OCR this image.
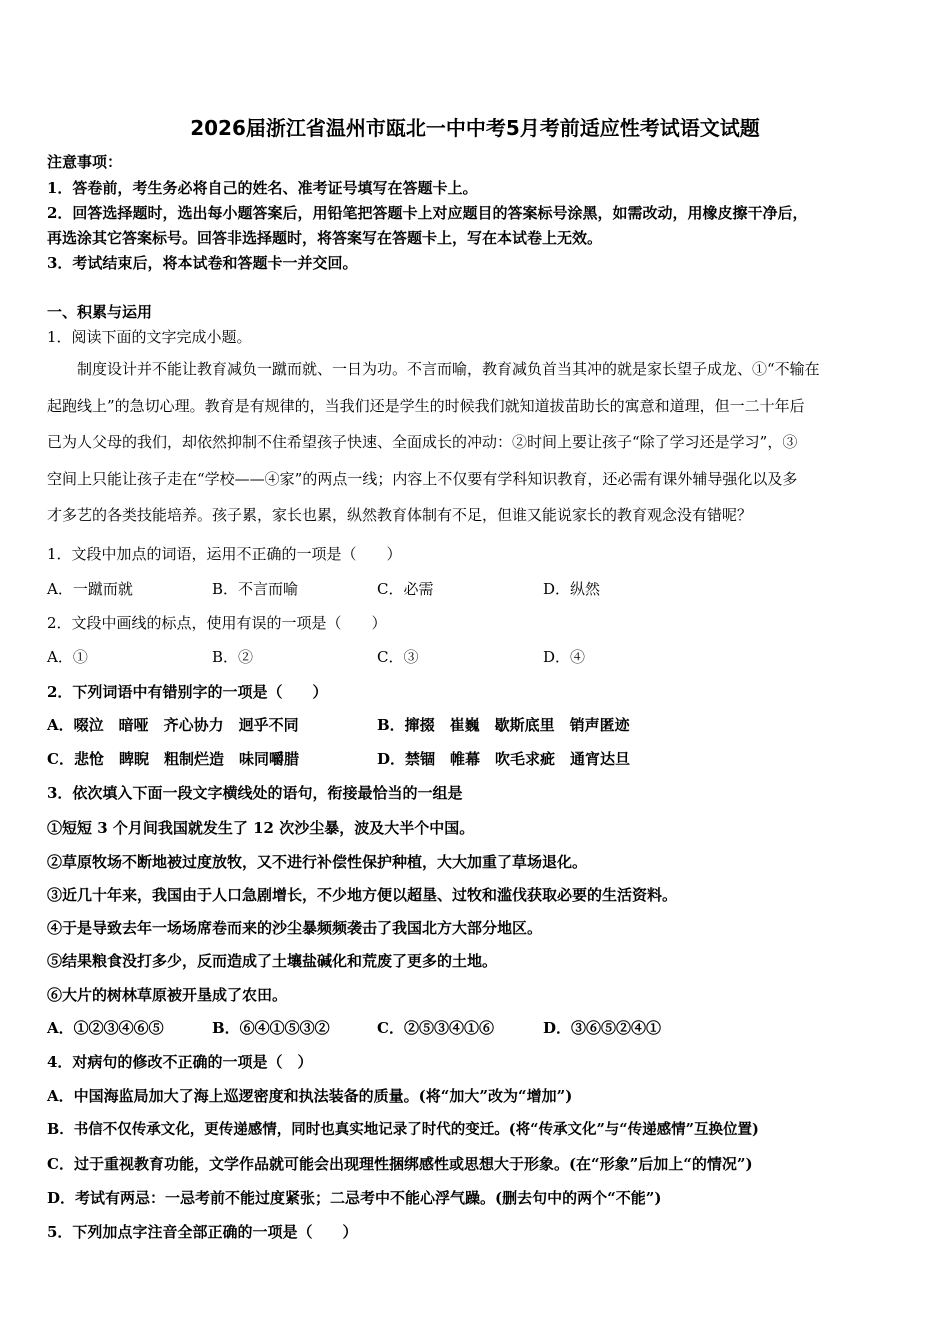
2026届浙江省温州市瓯北一中中考5月考前适应性考试语文试题
注意事项：
1．答卷前，考生务必将自己的姓名、准考证号填写在答题卡上。
2．回答选择题时，选出每小题答案后，用铅笔把答题卡上对应题目的答案标号涂黑，如需改动，用橡皮擦干净后，
再选涂其它答案标号。回答非选择题时，将答案写在答题卡上，写在本试卷上无效。
3．考试结束后，将本试卷和答题卡一并交回。
一、积累与运用
1．阅读下面的文字完成小题。
制度设计并不能让教育减负一蹴而就、一日为功。不言而喻，教育减负首当其冲的就是家长望子成龙、①“不输在
起跑线上”的急切心理。教育是有规律的，当我们还是学生的时候我们就知道拔苗助长的寓意和道理，但一二十年后
已为人父母的我们，却依然抑制不住希望孩子快速、全面成长的冲动：②时间上要让孩子“除了学习还是学习”，③
空间上只能让孩子走在“学校——④家”的两点一线；内容上不仅要有学科知识教育，还必需有课外辅导强化以及多
才多艺的各类技能培养。孩子累，家长也累，纵然教育体制有不足，但谁又能说家长的教育观念没有错呢？
1．文段中加点的词语，运用不正确的一项是（　　）
A．一蹴而就	B．不言而喻	C．必需	D．纵然
2．文段中画线的标点，使用有误的一项是（　　）
A．①	B．②	C．③	D．④
2．下列词语中有错别字的一项是（　　）
A．啜泣　暗哑　齐心协力　迥乎不同	B．撺掇　崔巍　歇斯底里　销声匿迹
C．悲怆　睥睨　粗制烂造　味同嚼腊	D．禁锢　帷幕　吹毛求疵　通宵达旦
3．依次填入下面一段文字横线处的语句，衔接最恰当的一组是
①短短 3 个月间我国就发生了 12 次沙尘暴，波及大半个中国。
②草原牧场不断地被过度放牧，又不进行补偿性保护种植，大大加重了草场退化。
③近几十年来，我国由于人口急剧增长，不少地方便以超垦、过牧和滥伐获取必要的生活资料。
④于是导致去年一场场席卷而来的沙尘暴频频袭击了我国北方大部分地区。
⑤结果粮食没打多少，反而造成了土壤盐碱化和荒废了更多的土地。
⑥大片的树林草原被开垦成了农田。
A．①②③④⑥⑤	B．⑥④①⑤③②	C．②⑤③④①⑥	D．③⑥⑤②④①
4．对病句的修改不正确的一项是（　）
A．中国海监局加大了海上巡逻密度和执法装备的质量。(将“加大”改为“增加”)
B．书信不仅传承文化，更传递感情，同时也真实地记录了时代的变迁。(将“传承文化”与“传递感情”互换位置)
C．过于重视教育功能，文学作品就可能会出现理性捆绑感性或思想大于形象。(在“形象”后加上“的情况”)
D．考试有两忌：一忌考前不能过度紧张；二忌考中不能心浮气躁。(删去句中的两个“不能”)
5．下列加点字注音全部正确的一项是（　　）
